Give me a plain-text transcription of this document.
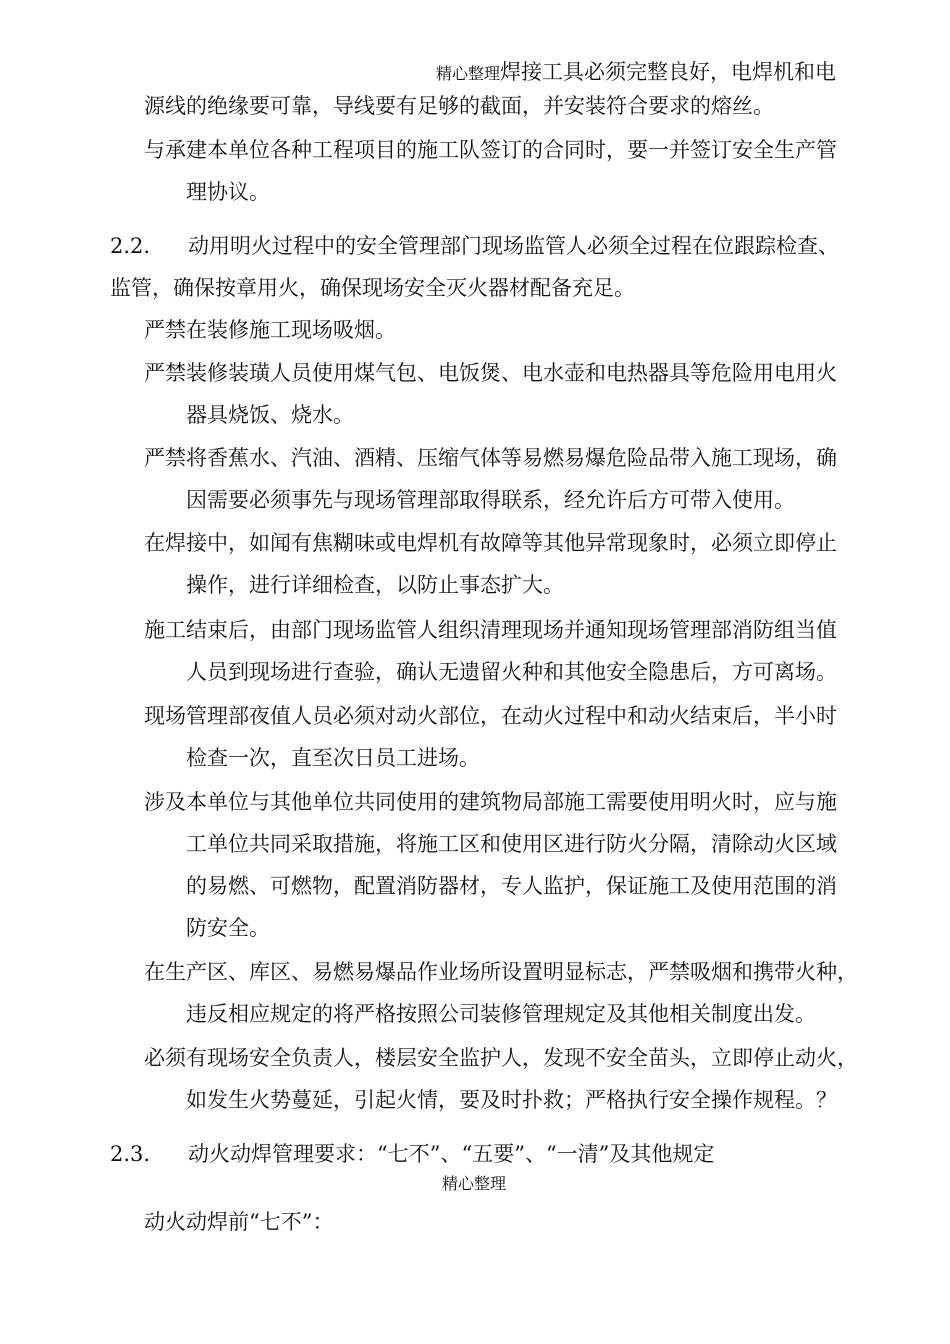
精心整理焊接工具必须完整良好，电焊机和电
源线的绝缘要可靠，导线要有足够的截面，并安装符合要求的熔丝。
与承建本单位各种工程项目的施工队签订的合同时，要一并签订安全生产管
理协议。
2.2. 动用明火过程中的安全管理部门现场监管人必须全过程在位跟踪检查、
监管，确保按章用火，确保现场安全灭火器材配备充足。
严禁在装修施工现场吸烟。
严禁装修装璜人员使用煤气包、电饭煲、电水壶和电热器具等危险用电用火
器具烧饭、烧水。
严禁将香蕉水、汽油、酒精、压缩气体等易燃易爆危险品带入施工现场，确
因需要必须事先与现场管理部取得联系，经允许后方可带入使用。
在焊接中，如闻有焦糊味或电焊机有故障等其他异常现象时，必须立即停止
操作，进行详细检查，以防止事态扩大。
施工结束后，由部门现场监管人组织清理现场并通知现场管理部消防组当值
人员到现场进行查验，确认无遗留火种和其他安全隐患后，方可离场。
现场管理部夜值人员必须对动火部位，在动火过程中和动火结束后，半小时
检查一次，直至次日员工进场。
涉及本单位与其他单位共同使用的建筑物局部施工需要使用明火时，应与施
工单位共同采取措施，将施工区和使用区进行防火分隔，清除动火区域
的易燃、可燃物，配置消防器材，专人监护，保证施工及使用范围的消
防安全。
在生产区、库区、易燃易爆品作业场所设置明显标志，严禁吸烟和携带火种，
违反相应规定的将严格按照公司装修管理规定及其他相关制度出发。
必须有现场安全负责人，楼层安全监护人，发现不安全苗头，立即停止动火，
如发生火势蔓延，引起火情，要及时扑救；严格执行安全操作规程。？
2.3. 动火动焊管理要求：“七不”、“五要”、“一清”及其他规定
精心整理
动火动焊前“七不”：
